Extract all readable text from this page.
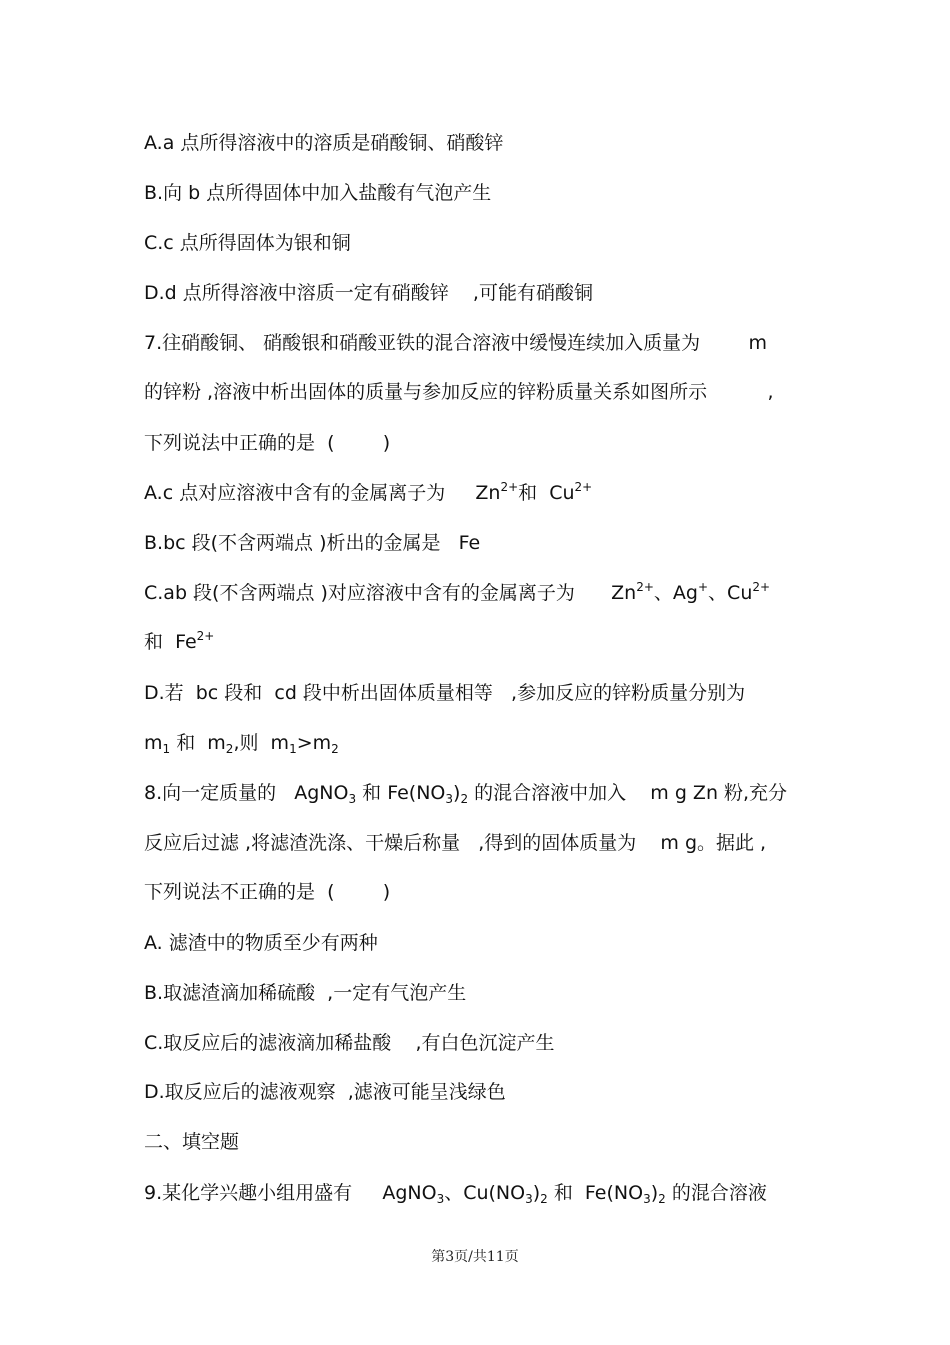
A.a 点所得溶液中的溶质是硝酸铜、硝酸锌
B.向 b 点所得固体中加入盐酸有气泡产生
C.c 点所得固体为银和铜
D.d 点所得溶液中溶质一定有硝酸锌    ,可能有硝酸铜
7.往硝酸铜、 硝酸银和硝酸亚铁的混合溶液中缓慢连续加入质量为        m
的锌粉 ,溶液中析出固体的质量与参加反应的锌粉质量关系如图所示          ,
下列说法中正确的是  (        )
A.c 点对应溶液中含有的金属离子为     $Zn^{2+}$和  $Cu^{2+}$
B.bc 段(不含两端点 )析出的金属是   Fe
C.ab 段(不含两端点 )对应溶液中含有的金属离子为      $Zn^{2+}$、Ag+、$Cu^{2+}$
和  $Fe^{2+}$
D.若  bc 段和  cd 段中析出固体质量相等   ,参加反应的锌粉质量分别为
$m_1$ 和  $m_2$,则  $m_1>m_2$
8.向一定质量的   AgNO$_3$ 和 $Fe(NO_3)_2$ 的混合溶液中加入    m g Zn 粉,充分
反应后过滤 ,将滤渣洗涤、干燥后称量   ,得到的固体质量为    m g。据此 ,
下列说法不正确的是  (        )
A. 滤渣中的物质至少有两种
B.取滤渣滴加稀硫酸  ,一定有气泡产生
C.取反应后的滤液滴加稀盐酸    ,有白色沉淀产生
D.取反应后的滤液观察  ,滤液可能呈浅绿色
二、填空题
9.某化学兴趣小组用盛有     AgNO$_3$、$Cu(NO_3)_2$ 和  $Fe(NO_3)_2$ 的混合溶液
第3页/共11页
